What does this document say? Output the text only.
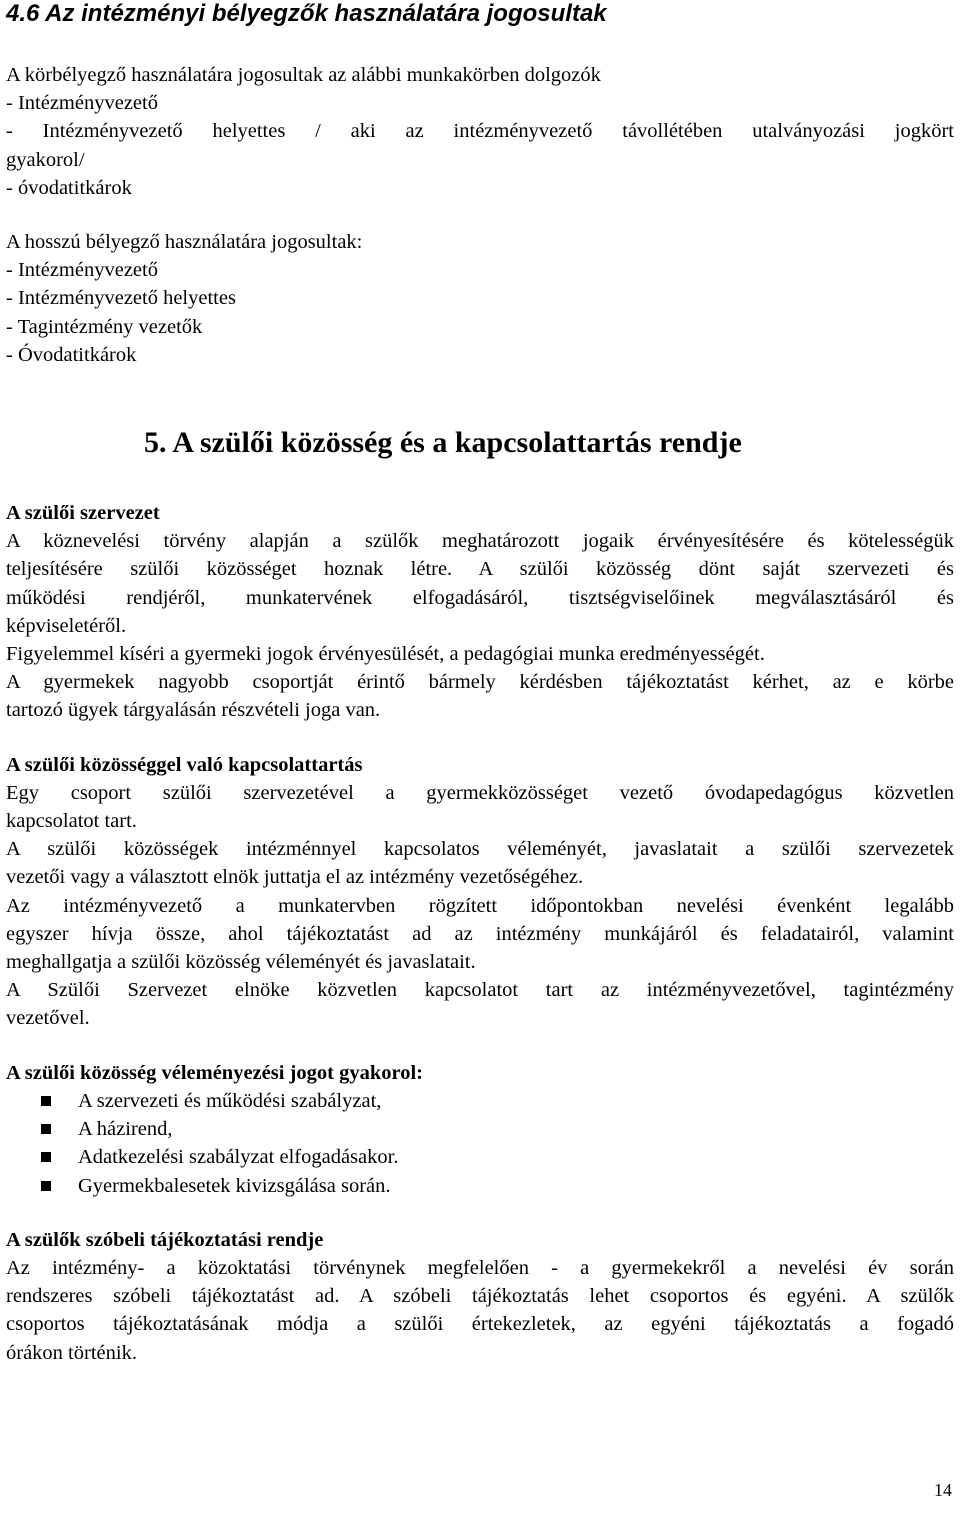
4.6 Az intézményi bélyegzők használatára jogosultak
A körbélyegző használatára jogosultak az alábbi munkakörben dolgozók
- Intézményvezető
- Intézményvezető helyettes / aki az intézményvezető távollétében utalványozási jogkört
gyakorol/
- óvodatitkárok
A hosszú bélyegző használatára jogosultak:
- Intézményvezető
- Intézményvezető helyettes
- Tagintézmény vezetők
- Óvodatitkárok
5. A szülői közösség és a kapcsolattartás rendje
A szülői szervezet
A köznevelési törvény alapján a szülők meghatározott jogaik érvényesítésére és kötelességük
teljesítésére szülői közösséget hoznak létre. A szülői közösség dönt saját szervezeti és
működési rendjéről, munkatervének elfogadásáról, tisztségviselőinek megválasztásáról és
képviseletéről.
Figyelemmel kíséri a gyermeki jogok érvényesülését, a pedagógiai munka eredményességét.
A gyermekek nagyobb csoportját érintő bármely kérdésben tájékoztatást kérhet, az e körbe
tartozó ügyek tárgyalásán részvételi joga van.
A szülői közösséggel való kapcsolattartás
Egy csoport szülői szervezetével a gyermekközösséget vezető óvodapedagógus közvetlen
kapcsolatot tart.
A szülői közösségek intézménnyel kapcsolatos véleményét, javaslatait a szülői szervezetek
vezetői vagy a választott elnök juttatja el az intézmény vezetőségéhez.
Az intézményvezető a munkatervben rögzített időpontokban nevelési évenként legalább
egyszer hívja össze, ahol tájékoztatást ad az intézmény munkájáról és feladatairól, valamint
meghallgatja a szülői közösség véleményét és javaslatait.
A Szülői Szervezet elnöke közvetlen kapcsolatot tart az intézményvezetővel, tagintézmény
vezetővel.
A szülői közösség véleményezési jogot gyakorol:
A szervezeti és működési szabályzat,
A házirend,
Adatkezelési szabályzat elfogadásakor.
Gyermekbalesetek kivizsgálása során.
A szülők szóbeli tájékoztatási rendje
Az intézmény- a közoktatási törvénynek megfelelően - a gyermekekről a nevelési év során
rendszeres szóbeli tájékoztatást ad. A szóbeli tájékoztatás lehet csoportos és egyéni. A szülők
csoportos tájékoztatásának módja a szülői értekezletek, az egyéni tájékoztatás a fogadó
órákon történik.
14
